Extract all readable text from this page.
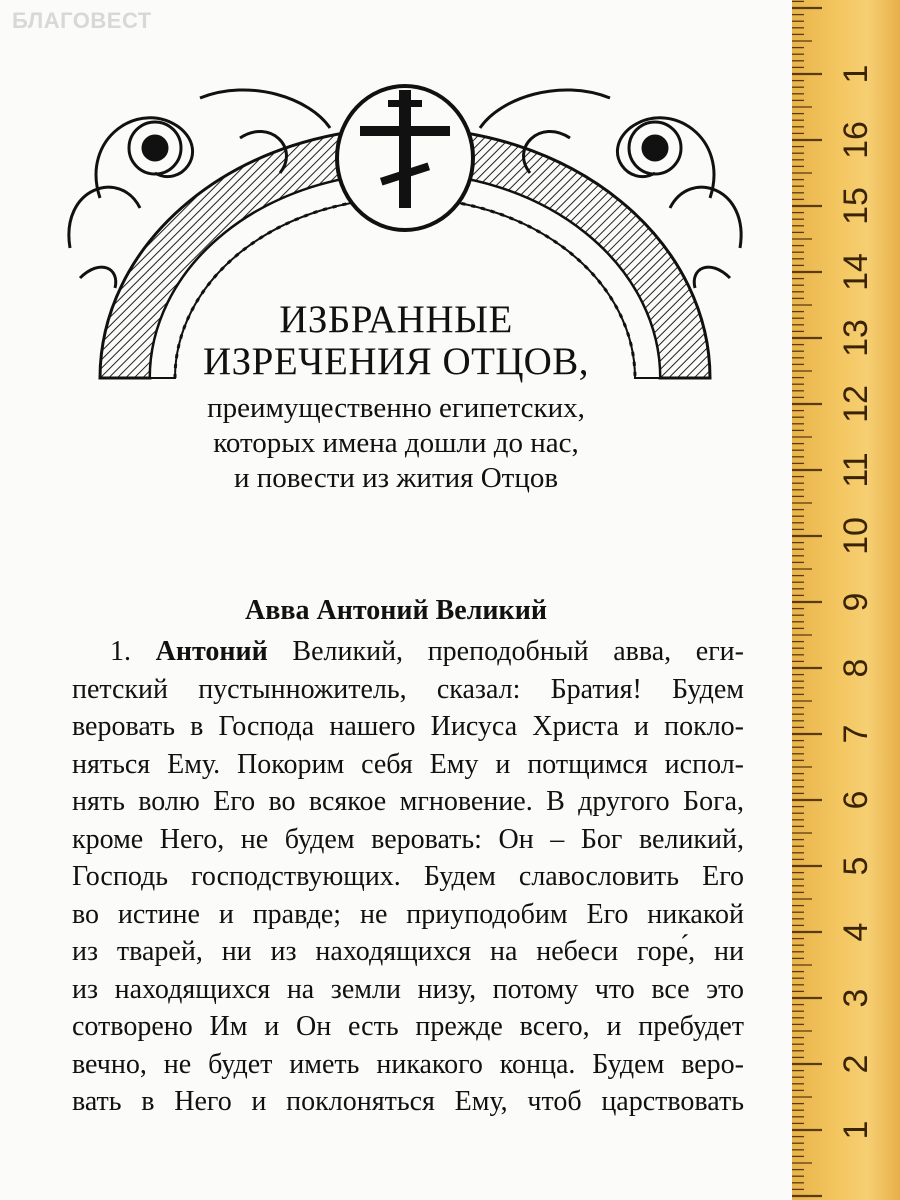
БЛАГОВЕСТ
ИЗБРАННЫЕ
ИЗРЕЧЕНИЯ ОТЦОВ,
преимущественно египетских,
которых имена дошли до нас,
и повести из жития Отцов
Авва Антоний Великий
1. Антоний Великий, преподобный авва, еги-
петский пустынножитель, сказал: Братия! Будем
веровать в Господа нашего Иисуса Христа и покло-
няться Ему. Покорим себя Ему и потщимся испол-
нять волю Его во всякое мгновение. В другого Бога,
кроме Него, не будем веровать: Он – Бог великий,
Господь господствующих. Будем славословить Его
во истине и правде; не приуподобим Его никакой
из тварей, ни из находящихся на небеси горе́, ни
из находящихся на земли низу, потому что все это
сотворено Им и Он есть прежде всего, и пребудет
вечно, не будет иметь никакого конца. Будем веро-
вать в Него и поклоняться Ему, чтоб царствовать
1
2
3
4
5
6
7
8
9
10
11
12
13
14
15
16
1
